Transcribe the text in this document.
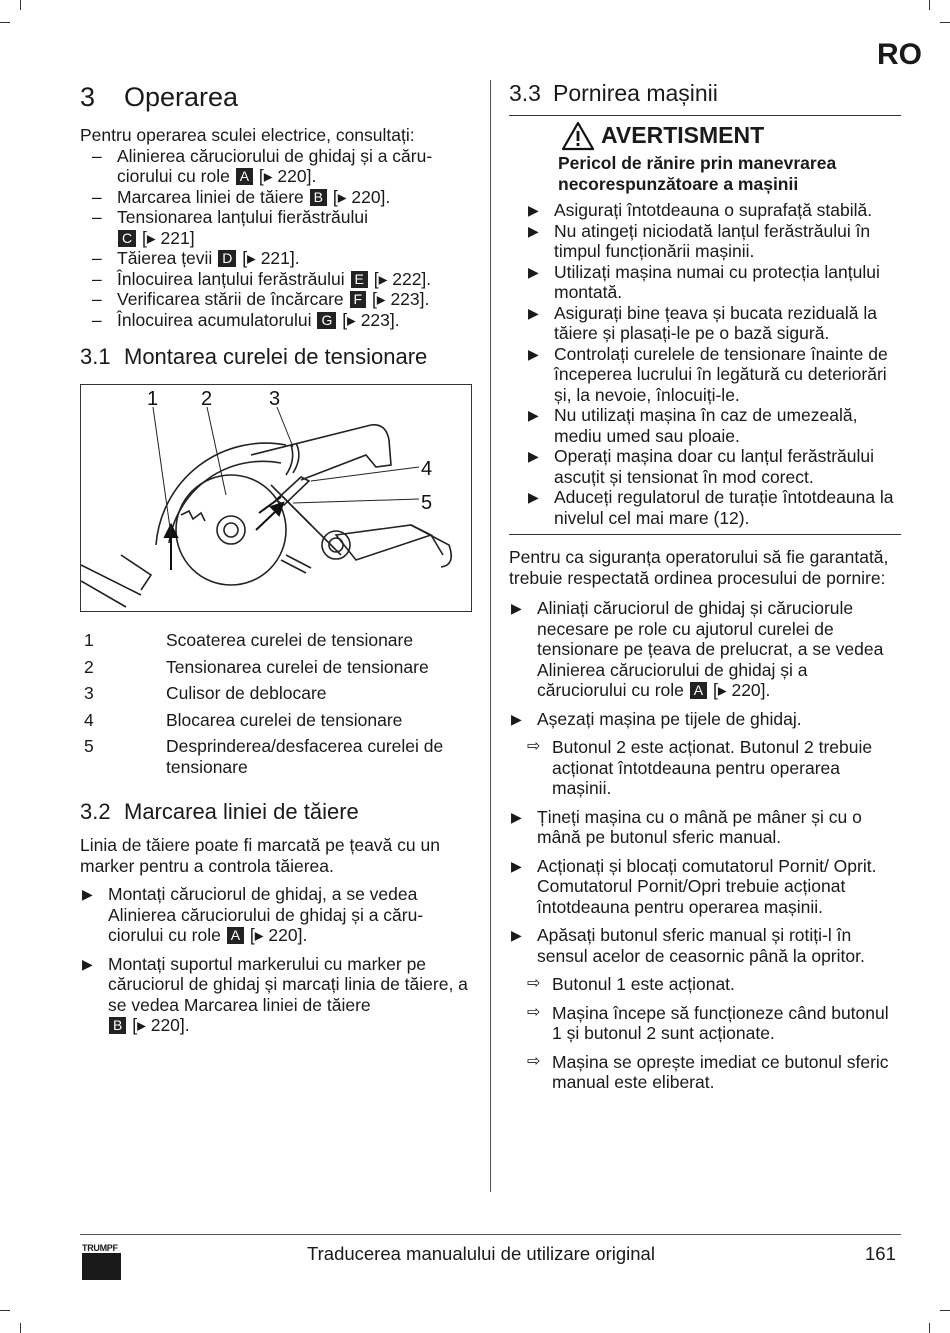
RO
3 Operarea

Pentru operarea sculei electrice, consultați:

– Alinierea căruciorului de ghidaj și a căruciorului cu role A [▸ 220].
– Marcarea liniei de tăiere B [▸ 220].
– Tensionarea lanțului fierăstrăului
C [▸ 221]
– Tăierea țevii D [▸ 221].
– Înlocuirea lanțului ferăstrăului E [▸ 222].
– Verificarea stării de încărcare F [▸ 223].
– Înlocuirea acumulatorului G [▸ 223].
3.1 Montarea curelei de tensionare
1 2	3
4
5
1	Scoaterea curelei de tensionare
2	Tensionarea curelei de tensionare
3	Culisor de deblocare
4	Blocarea curelei de tensionare
5	Desprinderea/desfacerea curelei de tensionare
3.2 Marcarea liniei de tăiere

Linia de tăiere poate fi marcată pe țeavă cu un marker pentru a controla tăierea.

▶ Montați căruciorul de ghidaj, a se vedea Alinierea căruciorului de ghidaj și a căruciorului cu role A [▸ 220].
▶ Montați suportul markerului cu marker pe căruciorul de ghidaj și marcați linia de tăiere, a se vedea Marcarea liniei de tăiere
B [▸ 220].
3.3 Pornirea mașinii
AVERTISMENT
Pericol de rănire prin manevrarea necorespunzătoare a mașinii
▶ Asigurați întotdeauna o suprafață stabilă.
▶ Nu atingeți niciodată lanțul ferăstrăului în timpul funcționării mașinii.
▶ Utilizați mașina numai cu protecția lanțului montată.
▶ Asigurați bine țeava și bucata reziduală la tăiere și plasați-le pe o bază sigură.
▶ Controlați curelele de tensionare înainte de începerea lucrului în legătură cu deteriorări și, la nevoie, înlocuiți-le.
▶ Nu utilizați mașina în caz de umezeală, mediu umed sau ploaie.
▶ Operați mașina doar cu lanțul ferăstrăului ascuțit și tensionat în mod corect.
▶ Aduceți regulatorul de turație întotdeauna la nivelul cel mai mare (12).

Pentru ca siguranța operatorului să fie garantată, trebuie respectată ordinea procesului de pornire:

▶ Aliniați căruciorul de ghidaj și căruciorule necesare pe role cu ajutorul curelei de tensionare pe țeava de prelucrat, a se vedea Alinierea căruciorului de ghidaj și a căruciorului cu role A [▸ 220].
▶ Așezați mașina pe tijele de ghidaj.
⇨ Butonul 2 este acționat. Butonul 2 trebuie acționat întotdeauna pentru operarea mașinii.
▶ Țineți mașina cu o mână pe mâner și cu o mână pe butonul sferic manual.
▶ Acționați și blocați comutatorul Pornit/ Oprit. Comutatorul Pornit/Opri trebuie acționat întotdeauna pentru operarea mașinii.
▶ Apăsați butonul sferic manual și rotiți-l în sensul acelor de ceasornic până la opritor.
⇨ Butonul 1 este acționat.
⇨ Mașina începe să funcționeze când butonul 1 și butonul 2 sunt acționate.
⇨ Mașina se oprește imediat ce butonul sferic manual este eliberat.
TRUMPF	Traducerea manualului de utilizare original	161
